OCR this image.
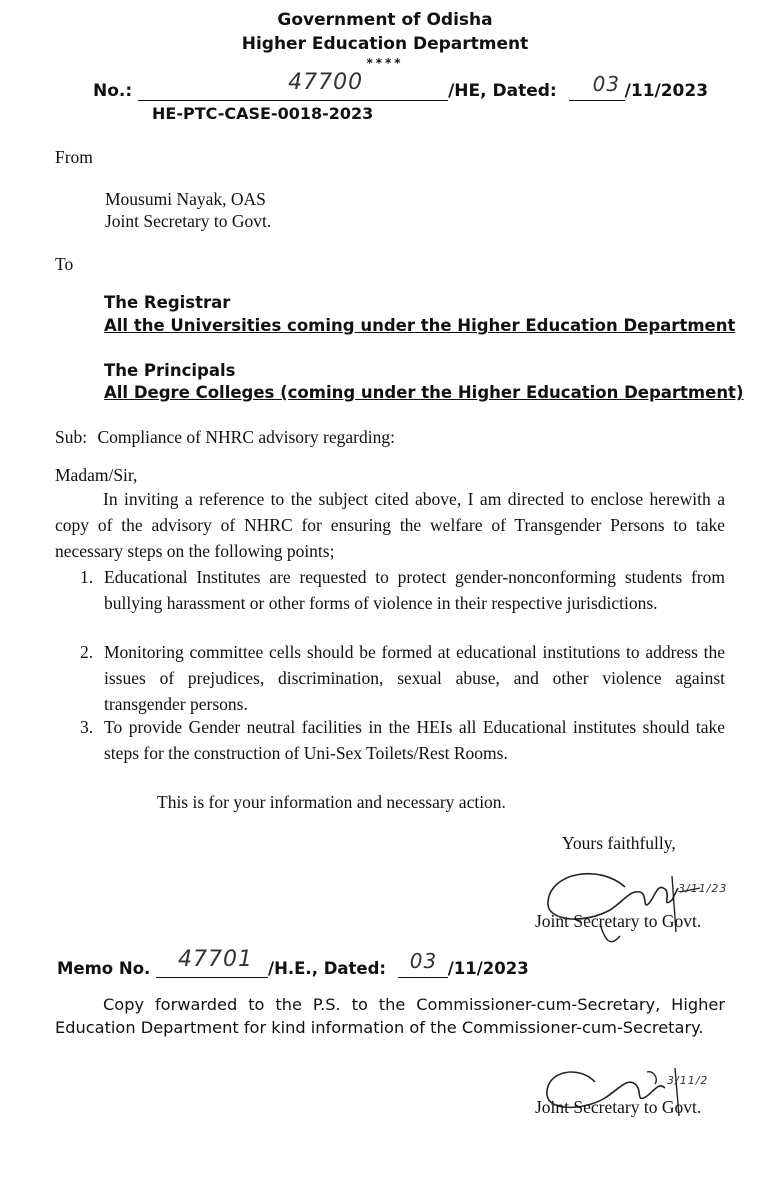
Government of Odisha
Higher Education Department
****
No.:	47700	/HE, Dated: 03 /11/2023
HE-PTC-CASE-0018-2023
From
Mousumi Nayak, OAS
Joint Secretary to Govt.
To
The Registrar
All the Universities coming under the Higher Education Department
The Principals
All Degre Colleges (coming under the Higher Education Department)
Sub: Compliance of NHRC advisory regarding:
Madam/Sir,
In inviting a reference to the subject cited above, I am directed to enclose herewith a copy of the advisory of NHRC for ensuring the welfare of Transgender Persons to take necessary steps on the following points;
1. Educational Institutes are requested to protect gender-nonconforming students from bullying harassment or other forms of violence in their respective jurisdictions.
2. Monitoring committee cells should be formed at educational institutions to address the issues of prejudices, discrimination, sexual abuse, and other violence against transgender persons.
3. To provide Gender neutral facilities in the HEIs all Educational institutes should take steps for the construction of Uni-Sex Toilets/Rest Rooms.
This is for your information and necessary action.
Yours faithfully,
3/11/23
Joint Secretary to Govt.
Memo No. 47701 /H.E., Dated: 03 /11/2023
Copy forwarded to the P.S. to the Commissioner-cum-Secretary, Higher Education Department for kind information of the Commissioner-cum-Secretary.
3/11/2
Joint Secretary to Govt.
